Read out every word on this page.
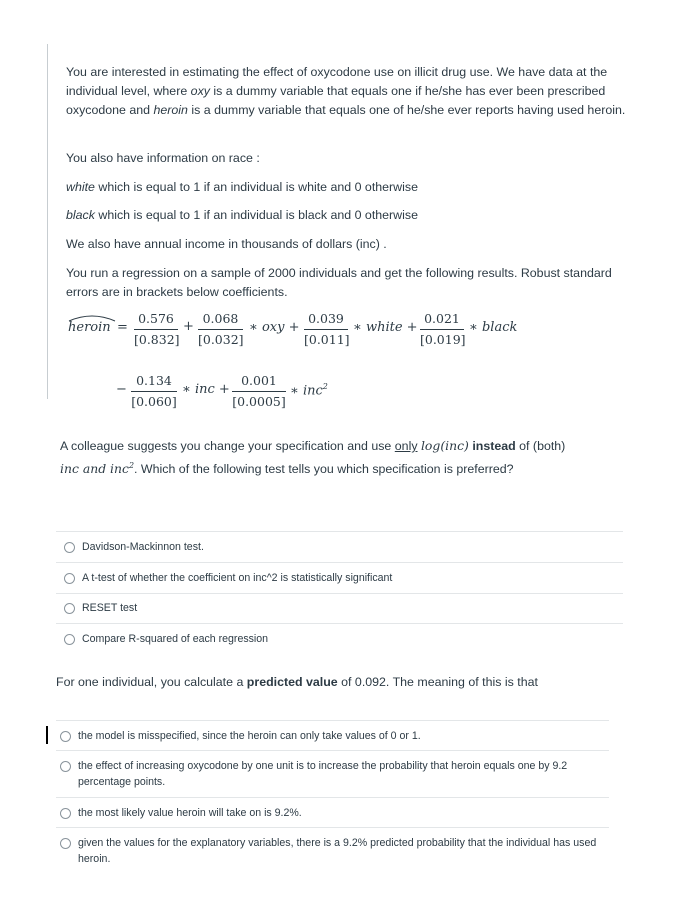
You are interested in estimating the effect of oxycodone use on illicit drug use. We have data at the individual level, where oxy is a dummy variable that equals one if he/she has ever been prescribed oxycodone and heroin is a dummy variable that equals one of he/she ever reports having used heroin.

You also have information on race :

white which is equal to 1 if an individual is white and 0 otherwise

black which is equal to 1 if an individual is black and 0 otherwise

We also have annual income in thousands of dollars (inc) .

You run a regression on a sample of 2000 individuals and get the following results. Robust standard errors are in brackets below coefficients.

heroin = $\frac{0.576}{[0.832]} + \frac{0.068}{[0.032]}$ ∗ oxy + $\frac{0.039}{[0.011]}$ ∗ white + $\frac{0.021}{[0.019]}$ ∗ black
− $\frac{0.134}{[0.060]}$ ∗ inc + $\frac{0.001}{[0.0005]}$ ∗ inc$^2$

A colleague suggests you change your specification and use only log(inc) instead of (both)
inc and inc$^2$. Which of the following test tells you which specification is preferred?

Davidson-Mackinnon test.
A t-test of whether the coefficient on inc^2 is statistically significant
RESET test
Compare R-squared of each regression

For one individual, you calculate a predicted value of 0.092. The meaning of this is that

the model is misspecified, since the heroin can only take values of 0 or 1.
the effect of increasing oxycodone by one unit is to increase the probability that heroin equals one by 9.2 percentage points.
the most likely value heroin will take on is 9.2%.
given the values for the explanatory variables, there is a 9.2% predicted probability that the individual has used heroin.
